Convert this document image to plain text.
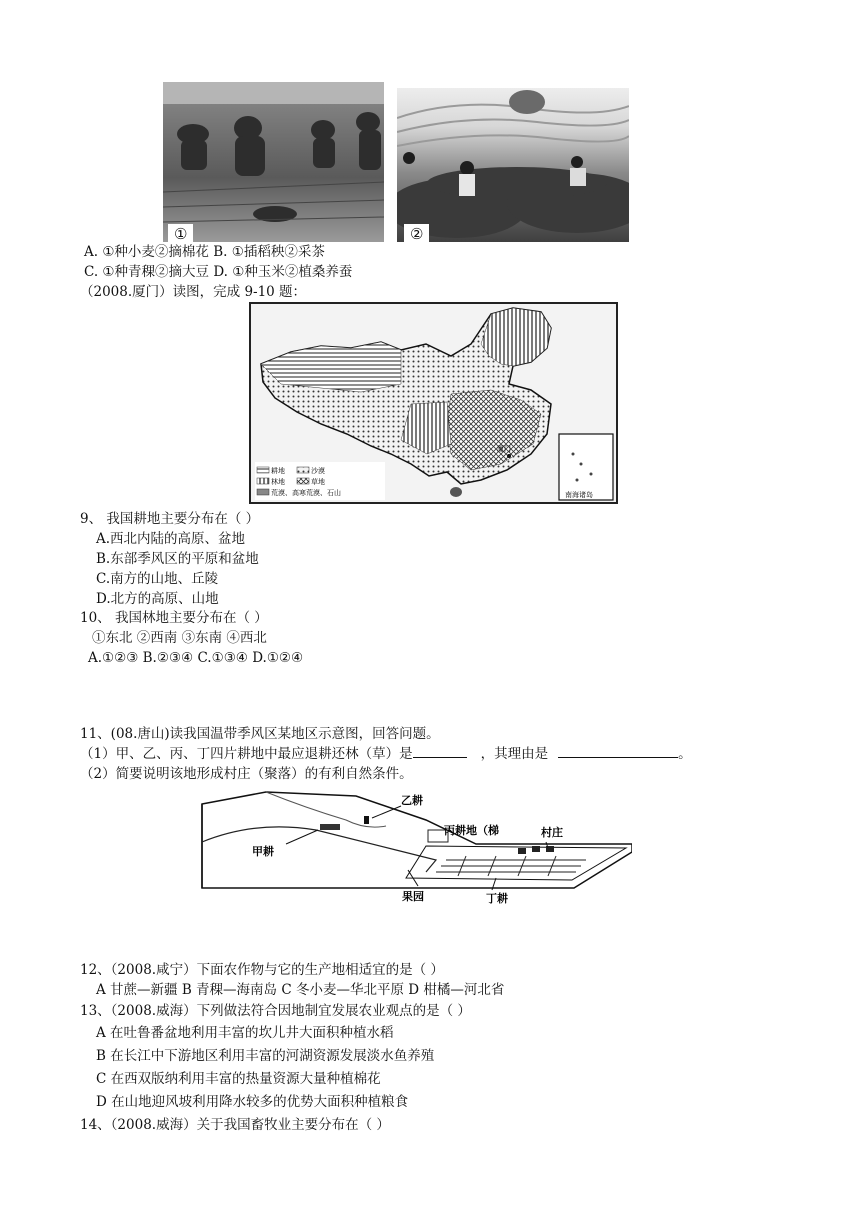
①	②
A. ①种小麦②摘棉花 B. ①插稻秧②采茶
C. ①种青稞②摘大豆 D. ①种玉米②植桑养蚕
（2008.厦门）读图，完成 9-10 题：
耕地	沙漠
林地	草地
荒漠、高寒荒漠、石山
厦门
南海诸岛
9、 我国耕地主要分布在（ ）
A.西北内陆的高原、盆地
B.东部季风区的平原和盆地
C.南方的山地、丘陵
D.北方的高原、山地
10、 我国林地主要分布在（ ）
①东北 ②西南 ③东南 ④西北
A.①②③ B.②③④ C.①③④ D.①②④
11、(08.唐山)读我国温带季风区某地区示意图，回答问题。
（1）甲、乙、丙、丁四片耕地中最应退耕还林（草）是	，其理由是	。
（2）简要说明该地形成村庄（聚落）的有利自然条件。
甲耕
乙耕
丙耕地（梯	村庄
果园	丁耕
12、（2008.咸宁）下面农作物与它的生产地相适宜的是（ ）
A 甘蔗—新疆 B 青稞—海南岛 C 冬小麦—华北平原 D 柑橘—河北省
13、（2008.威海）下列做法符合因地制宜发展农业观点的是（ ）
A 在吐鲁番盆地利用丰富的坎儿井大面积种植水稻
B 在长江中下游地区利用丰富的河湖资源发展淡水鱼养殖
C 在西双版纳利用丰富的热量资源大量种植棉花
D 在山地迎风坡利用降水较多的优势大面积种植粮食
14、（2008.威海）关于我国畜牧业主要分布在（ ）
